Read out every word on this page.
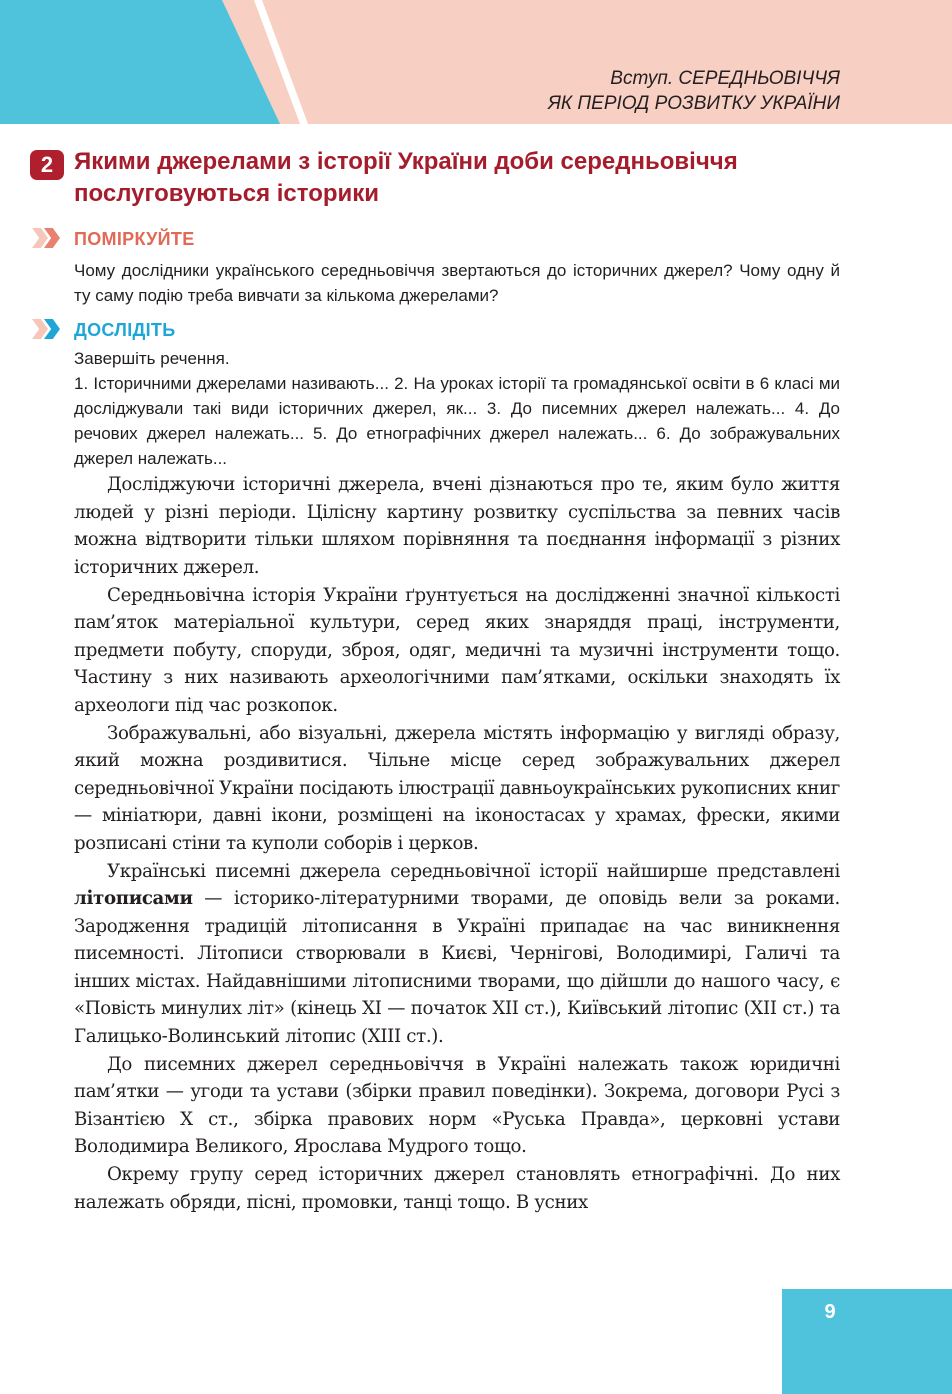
Вступ. СЕРЕДНЬОВІЧЧЯ
ЯК ПЕРІОД РОЗВИТКУ УКРАЇНИ
2 Якими джерелами з історії України доби середньовіччя послуговуються історики
ПОМІРКУЙТЕ

Чому дослідники українського середньовіччя звертаються до історичних джерел? Чому одну й ту саму подію треба вивчати за кількома джерелами?

ДОСЛІДІТЬ

Завершіть речення.

1. Історичними джерелами називають... 2. На уроках історії та громадянської освіти в 6 класі ми досліджували такі види історичних джерел, як... 3. До писемних джерел належать... 4. До речових джерел належать... 5. До етнографічних джерел належать... 6. До зображувальних джерел належать...

Досліджуючи історичні джерела, вчені дізнаються про те, яким було життя людей у різні періоди. Цілісну картину розвитку суспільства за певних часів можна відтворити тільки шляхом порівняння та поєднання інформації з різних історичних джерел.

Середньовічна історія України ґрунтується на дослідженні значної кількості пам’яток матеріальної культури, серед яких знаряддя праці, інструменти, предмети побуту, споруди, зброя, одяг, медичні та музичні інструменти тощо. Частину з них називають археологічними пам’ятками, оскільки знаходять їх археологи під час розкопок.

Зображувальні, або візуальні, джерела містять інформацію у вигляді образу, який можна роздивитися. Чільне місце серед зображувальних джерел середньовічної України посідають ілюстрації давньоукраїнських рукописних книг — мініатюри, давні ікони, розміщені на іконостасах у храмах, фрески, якими розписані стіни та куполи соборів і церков.

Українські писемні джерела середньовічної історії найширше представлені літописами — історико-літературними творами, де оповідь вели за роками. Зародження традицій літописання в Україні припадає на час виникнення писемності. Літописи створювали в Києві, Чернігові, Володимирі, Галичі та інших містах. Найдавнішими літописними творами, що дійшли до нашого часу, є «Повість минулих літ» (кінець XI — початок XII ст.), Київський літопис (XII ст.) та Галицько-Волинський літопис (XIII ст.).

До писемних джерел середньовіччя в Україні належать також юридичні пам’ятки — угоди та устави (збірки правил поведінки). Зокрема, договори Русі з Візантією X ст., збірка правових норм «Руська Правда», церковні устави Володимира Великого, Ярослава Мудрого тощо.

Окрему групу серед історичних джерел становлять етнографічні. До них належать обряди, пісні, промовки, танці тощо. В усних

9
